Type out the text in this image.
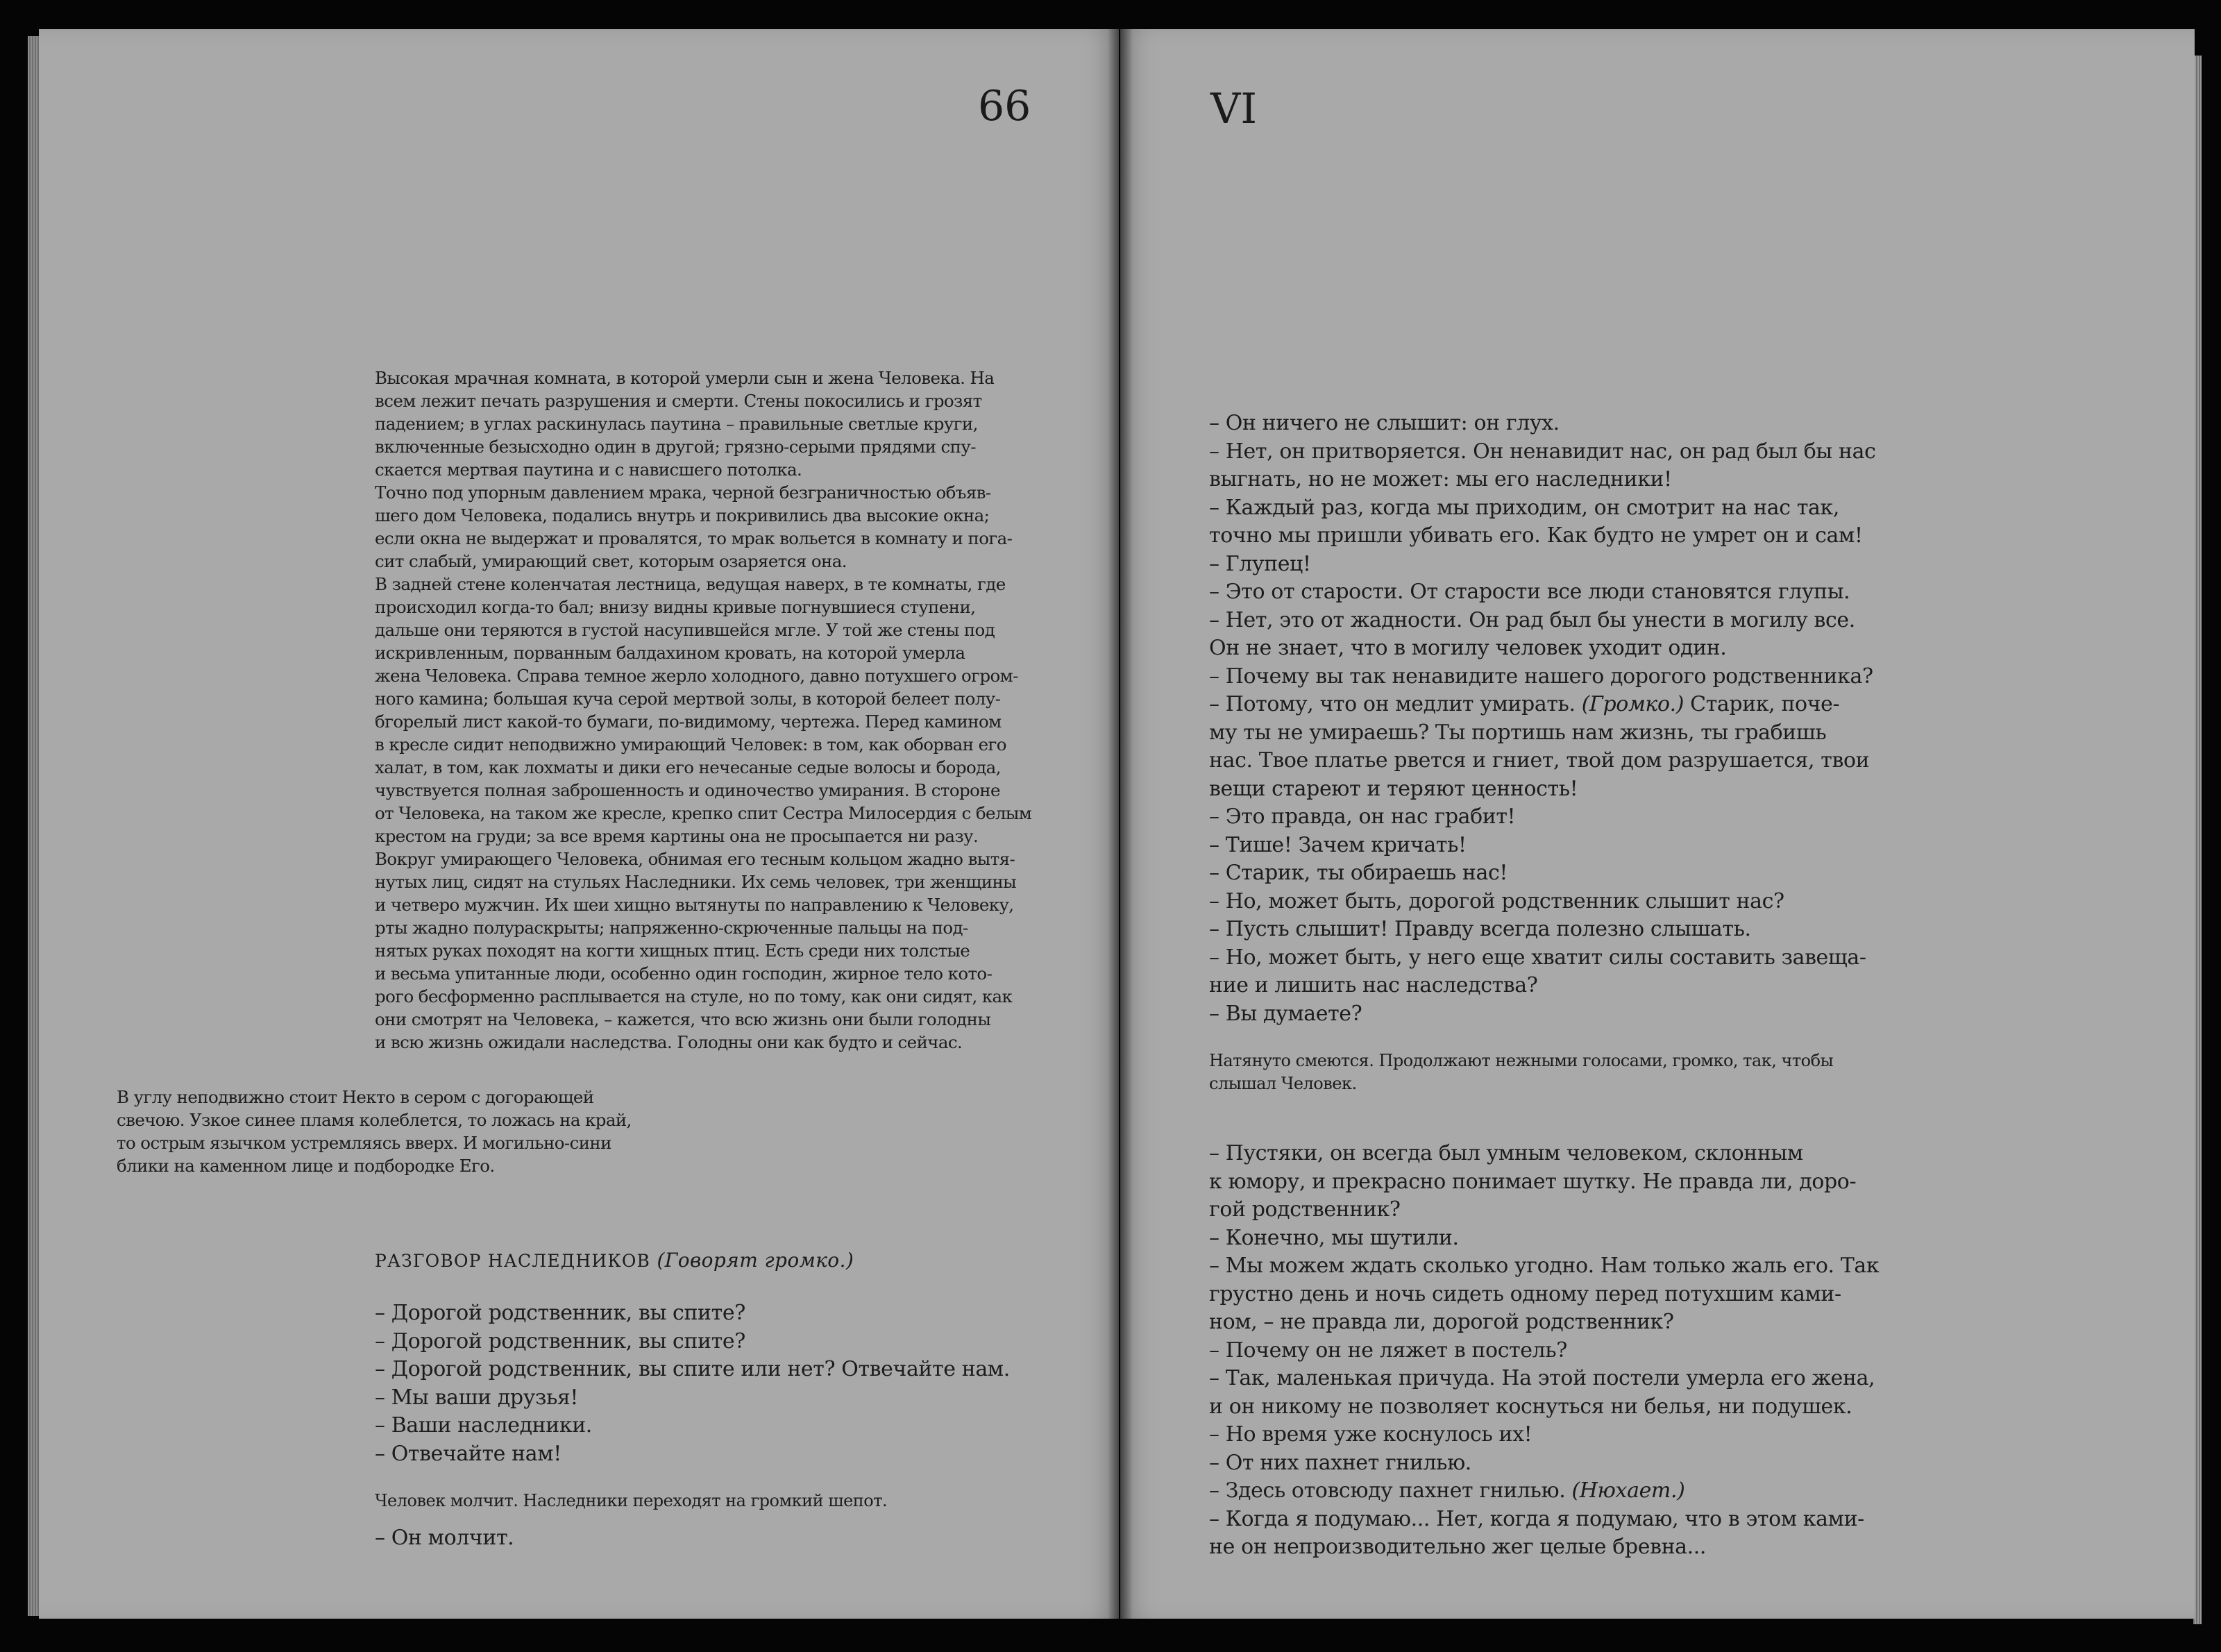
66
Высокая мрачная комната, в которой умерли сын и жена Человека. На
всем лежит печать разрушения и смерти. Стены покосились и грозят
падением; в углах раскинулась паутина – правильные светлые круги,
включенные безысходно один в другой; грязно-серыми прядями спу-
скается мертвая паутина и с нависшего потолка.
Точно под упорным давлением мрака, черной безграничностью объяв-
шего дом Человека, подались внутрь и покривились два высокие окна;
если окна не выдержат и провалятся, то мрак вольется в комнату и пога-
сит слабый, умирающий свет, которым озаряется она.
В задней стене коленчатая лестница, ведущая наверх, в те комнаты, где
происходил когда-то бал; внизу видны кривые погнувшиеся ступени,
дальше они теряются в густой насупившейся мгле. У той же стены под
искривленным, порванным балдахином кровать, на которой умерла
жена Человека. Справа темное жерло холодного, давно потухшего огром-
ного камина; большая куча серой мертвой золы, в которой белеет полу-
бгорелый лист какой-то бумаги, по-видимому, чертежа. Перед камином
в кресле сидит неподвижно умирающий Человек: в том, как оборван его
халат, в том, как лохматы и дики его нечесаные седые волосы и борода,
чувствуется полная заброшенность и одиночество умирания. В стороне
от Человека, на таком же кресле, крепко спит Сестра Милосердия с белым
крестом на груди; за все время картины она не просыпается ни разу.
Вокруг умирающего Человека, обнимая его тесным кольцом жадно вытя-
нутых лиц, сидят на стульях Наследники. Их семь человек, три женщины
и четверо мужчин. Их шеи хищно вытянуты по направлению к Человеку,
рты жадно полураскрыты; напряженно-скрюченные пальцы на под-
нятых руках походят на когти хищных птиц. Есть среди них толстые
и весьма упитанные люди, особенно один господин, жирное тело кото-
рого бесформенно расплывается на стуле, но по тому, как они сидят, как
они смотрят на Человека, – кажется, что всю жизнь они были голодны
и всю жизнь ожидали наследства. Голодны они как будто и сейчас.
В углу неподвижно стоит Некто в сером с догорающей
свечою. Узкое синее пламя колеблется, то ложась на край,
то острым язычком устремляясь вверх. И могильно-сини
блики на каменном лице и подбородке Его.
РАЗГОВОР НАСЛЕДНИКОВ (Говорят громко.)
– Дорогой родственник, вы спите?
– Дорогой родственник, вы спите?
– Дорогой родственник, вы спите или нет? Отвечайте нам.
– Мы ваши друзья!
– Ваши наследники.
– Отвечайте нам!
Человек молчит. Наследники переходят на громкий шепот.
– Он молчит.
VI
– Он ничего не слышит: он глух.
– Нет, он притворяется. Он ненавидит нас, он рад был бы нас
выгнать, но не может: мы его наследники!
– Каждый раз, когда мы приходим, он смотрит на нас так,
точно мы пришли убивать его. Как будто не умрет он и сам!
– Глупец!
– Это от старости. От старости все люди становятся глупы.
– Нет, это от жадности. Он рад был бы унести в могилу все.
Он не знает, что в могилу человек уходит один.
– Почему вы так ненавидите нашего дорогого родственника?
– Потому, что он медлит умирать. (Громко.) Старик, поче-
му ты не умираешь? Ты портишь нам жизнь, ты грабишь
нас. Твое платье рвется и гниет, твой дом разрушается, твои
вещи стареют и теряют ценность!
– Это правда, он нас грабит!
– Тише! Зачем кричать!
– Старик, ты обираешь нас!
– Но, может быть, дорогой родственник слышит нас?
– Пусть слышит! Правду всегда полезно слышать.
– Но, может быть, у него еще хватит силы составить завеща-
ние и лишить нас наследства?
– Вы думаете?
Натянуто смеются. Продолжают нежными голосами, громко, так, чтобы
слышал Человек.
– Пустяки, он всегда был умным человеком, склонным
к юмору, и прекрасно понимает шутку. Не правда ли, доро-
гой родственник?
– Конечно, мы шутили.
– Мы можем ждать сколько угодно. Нам только жаль его. Так
грустно день и ночь сидеть одному перед потухшим ками-
ном, – не правда ли, дорогой родственник?
– Почему он не ляжет в постель?
– Так, маленькая причуда. На этой постели умерла его жена,
и он никому не позволяет коснуться ни белья, ни подушек.
– Но время уже коснулось их!
– От них пахнет гнилью.
– Здесь отовсюду пахнет гнилью. (Нюхает.)
– Когда я подумаю... Нет, когда я подумаю, что в этом ками-
не он непроизводительно жег целые бревна...
